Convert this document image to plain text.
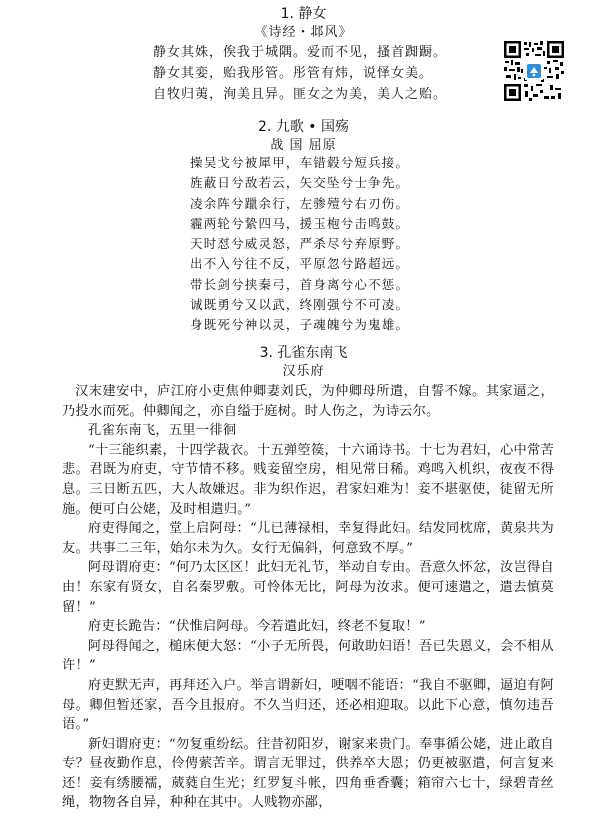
1. 静女
《诗经・邶风》
静女其姝，俟我于城隅。爱而不见，搔首踟蹰。
静女其娈，贻我彤管。彤管有炜，说怿女美。
自牧归荑，洵美且异。匪女之为美，美人之贻。
2. 九歌 • 国殇
战 国 屈原
操吴戈兮被犀甲，车错毂兮短兵接。
旌蔽日兮敌若云，矢交坠兮士争先。
凌余阵兮躐余行，左骖殪兮右刃伤。
霾两轮兮絷四马，援玉枹兮击鸣鼓。
天时怼兮威灵怒，严杀尽兮弃原野。
出不入兮往不反，平原忽兮路超远。
带长剑兮挟秦弓，首身离兮心不惩。
诚既勇兮又以武，终刚强兮不可凌。
身既死兮神以灵，子魂魄兮为鬼雄。
3. 孔雀东南飞
汉乐府

汉末建安中，庐江府小吏焦仲卿妻刘氏，为仲卿母所遣，自誓不嫁。其家逼之，乃投水而死。仲卿闻之，亦自缢于庭树。时人伤之，为诗云尔。

孔雀东南飞，五里一徘徊

“十三能织素，十四学裁衣。十五弹箜篌，十六诵诗书。十七为君妇，心中常苦悲。君既为府吏，守节情不移。贱妾留空房，相见常日稀。鸡鸣入机织，夜夜不得息。三日断五匹，大人故嫌迟。非为织作迟，君家妇难为！妾不堪驱使，徒留无所施。便可白公姥，及时相遣归。”

府吏得闻之，堂上启阿母：“儿已薄禄相，幸复得此妇。结发同枕席，黄泉共为友。共事二三年，始尔未为久。女行无偏斜，何意致不厚。”

阿母谓府吏：“何乃太区区！此妇无礼节，举动自专由。吾意久怀忿，汝岂得自由！东家有贤女，自名秦罗敷。可怜体无比，阿母为汝求。便可速遣之，遣去慎莫留！”

府吏长跪告：“伏惟启阿母。今若遣此妇，终老不复取！”

阿母得闻之，槌床便大怒：“小子无所畏，何敢助妇语！吾已失恩义，会不相从许！”

府吏默无声，再拜还入户。举言谓新妇，哽咽不能语：“我自不驱卿，逼迫有阿母。卿但暂还家，吾今且报府。不久当归还，还必相迎取。以此下心意，慎勿违吾语。”

新妇谓府吏：“勿复重纷纭。往昔初阳岁，谢家来贵门。奉事循公姥，进止敢自专？昼夜勤作息，伶俜萦苦辛。谓言无罪过，供养卒大恩；仍更被驱遣，何言复来还！妾有绣腰襦，葳蕤自生光；红罗复斗帐，四角垂香囊；箱帘六七十，绿碧青丝绳，物物各自异，种种在其中。人贱物亦鄙，
